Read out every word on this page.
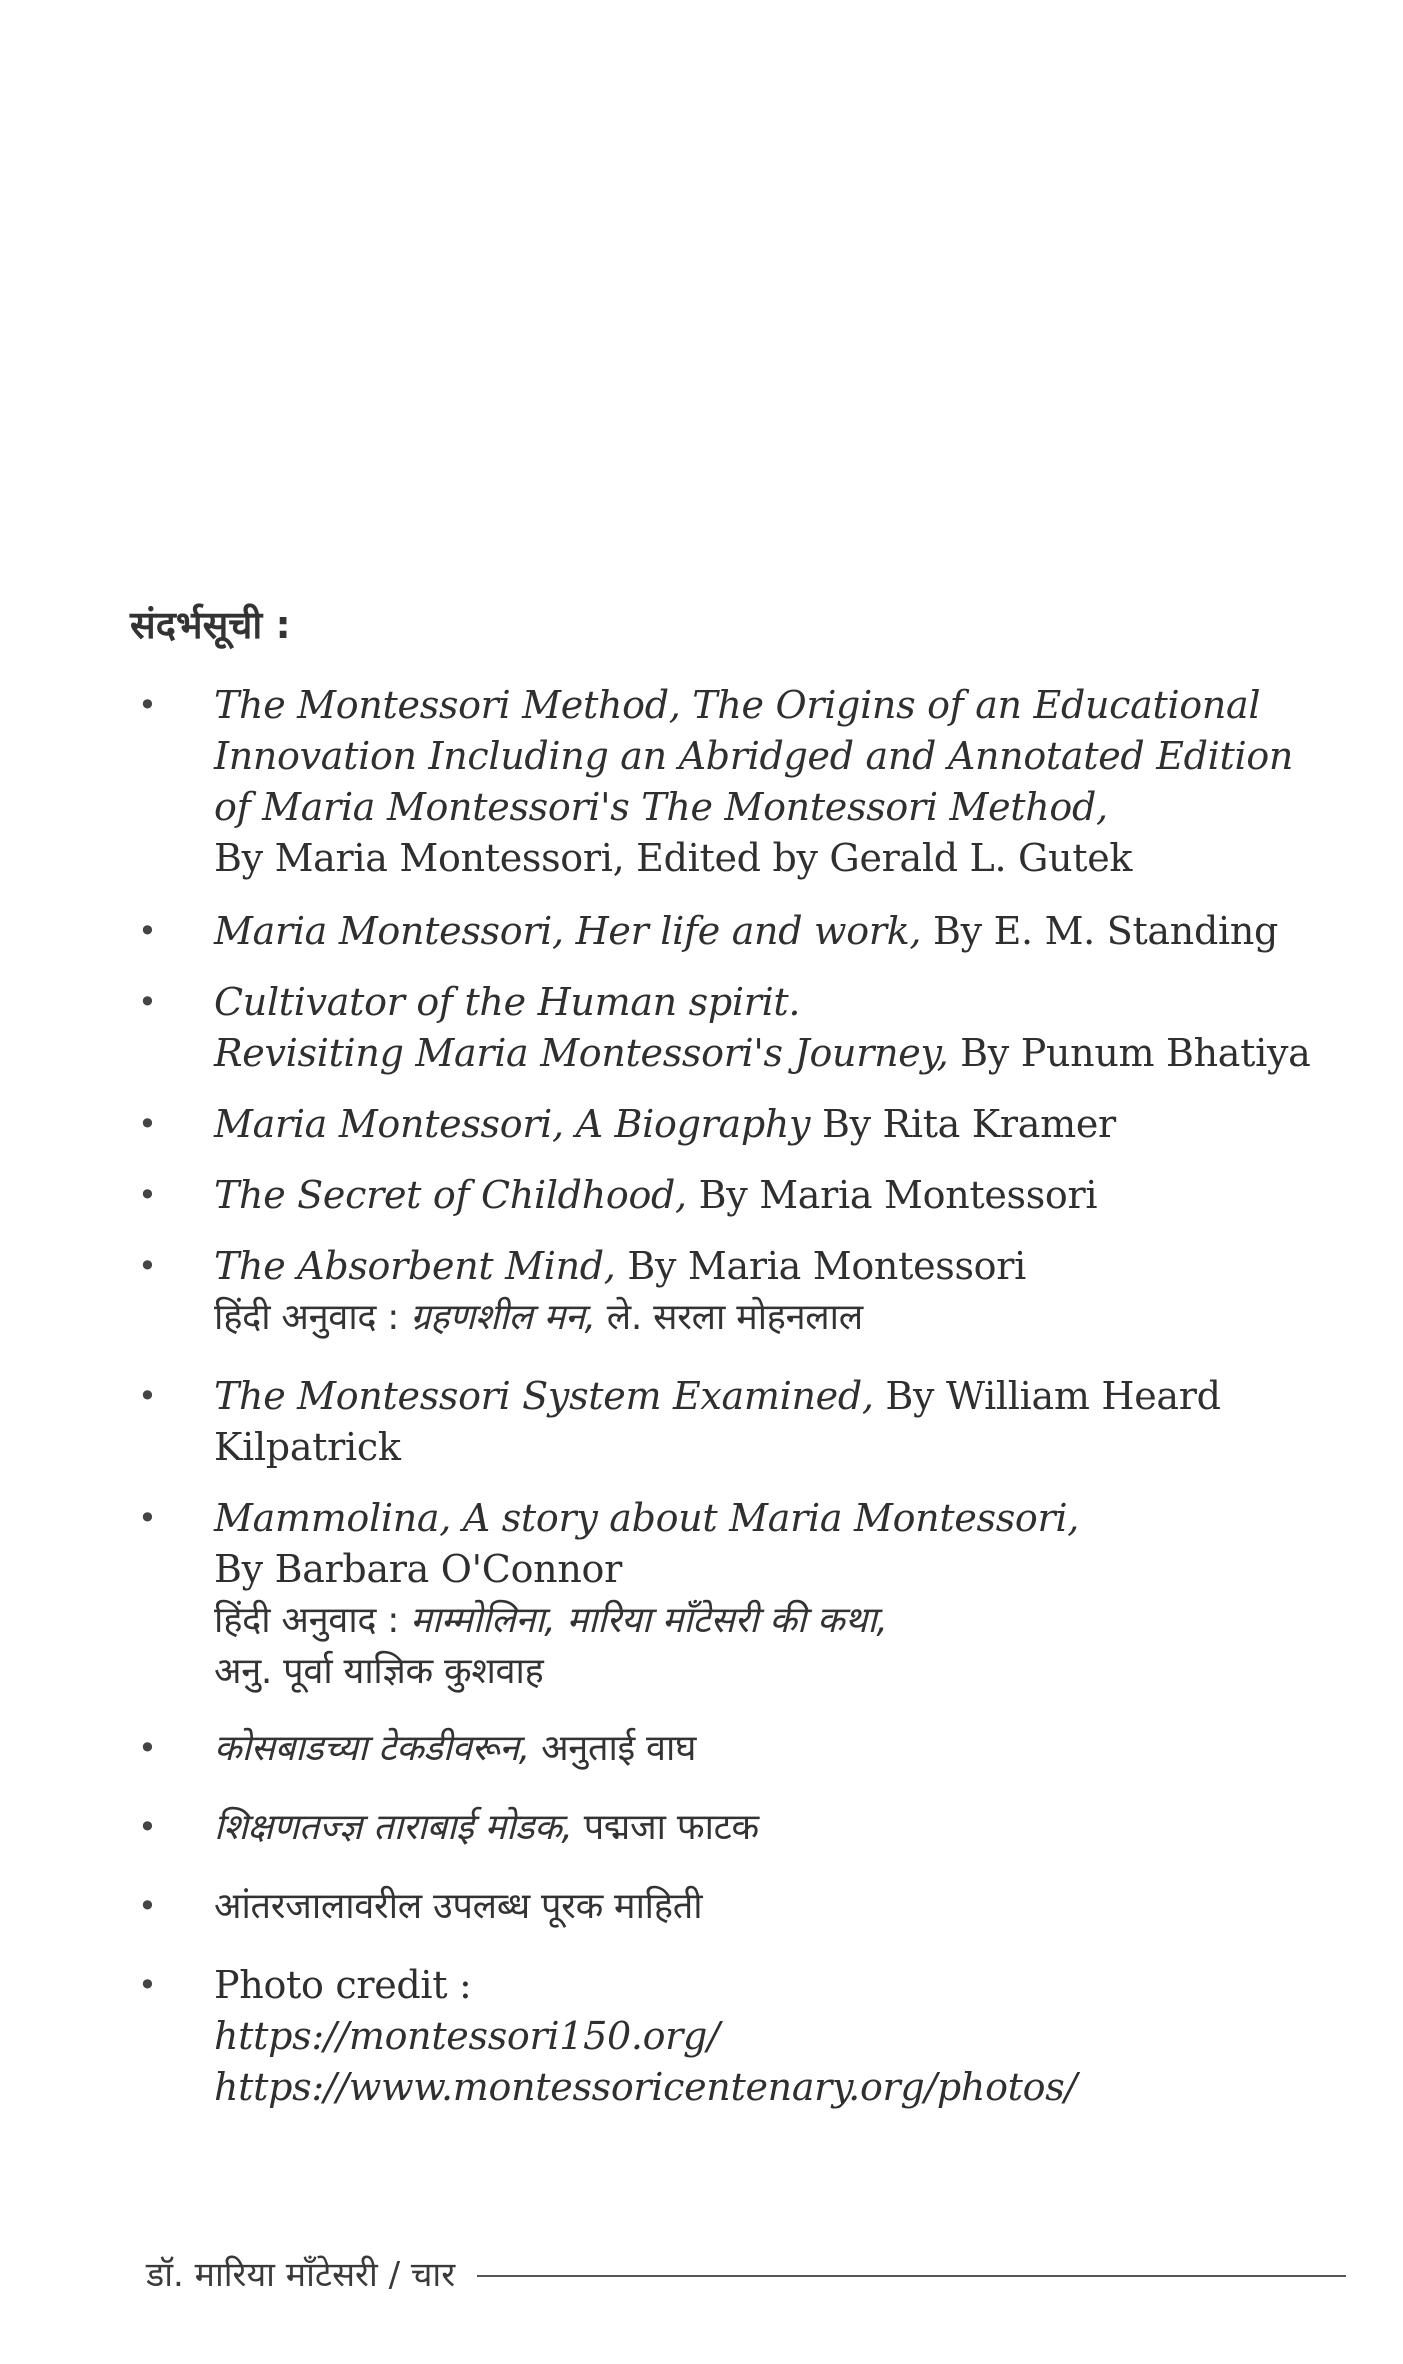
संदर्भसूची :
• The Montessori Method, The Origins of an Educational
Innovation Including an Abridged and Annotated Edition
of Maria Montessori's The Montessori Method,
By Maria Montessori, Edited by Gerald L. Gutek
• Maria Montessori, Her life and work, By E. M. Standing
• Cultivator of the Human spirit.
Revisiting Maria Montessori's Journey, By Punum Bhatiya
• Maria Montessori, A Biography By Rita Kramer
• The Secret of Childhood, By Maria Montessori
• The Absorbent Mind, By Maria Montessori
हिंदी अनुवाद : ग्रहणशील मन, ले. सरला मोहनलाल
• The Montessori System Examined, By William Heard
Kilpatrick
• Mammolina, A story about Maria Montessori,
By Barbara O'Connor
हिंदी अनुवाद : माम्मोलिना, मारिया माँटेसरी की कथा,
अनु. पूर्वा याज्ञिक कुशवाह
• कोसबाडच्या टेकडीवरून, अनुताई वाघ
• शिक्षणतज्ज्ञ ताराबाई मोडक, पद्मजा फाटक
• आंतरजालावरील उपलब्ध पूरक माहिती
• Photo credit :
https://montessori150.org/
https://www.montessoricentenary.org/photos/
डॉ. मारिया माँटेसरी / चार
